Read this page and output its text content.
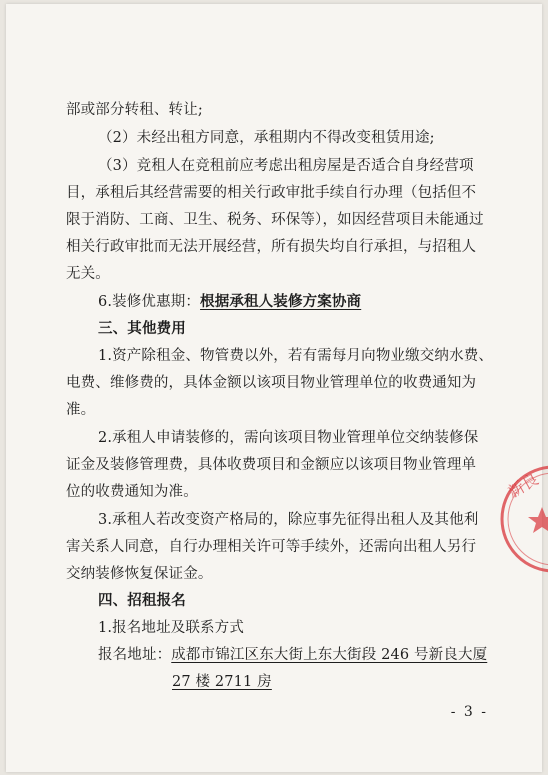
部或部分转租、转让;
（2）未经出租方同意，承租期内不得改变租赁用途;
（3）竞租人在竞租前应考虑出租房屋是否适合自身经营项
目，承租后其经营需要的相关行政审批手续自行办理（包括但不
限于消防、工商、卫生、税务、环保等），如因经营项目未能通过
相关行政审批而无法开展经营，所有损失均自行承担，与招租人
无关。
6.装修优惠期：根据承租人装修方案协商
三、其他费用
1.资产除租金、物管费以外，若有需每月向物业缴交纳水费、
电费、维修费的，具体金额以该项目物业管理单位的收费通知为
准。
2.承租人申请装修的，需向该项目物业管理单位交纳装修保
证金及装修管理费，具体收费项目和金额应以该项目物业管理单
位的收费通知为准。
3.承租人若改变资产格局的，除应事先征得出租人及其他利
害关系人同意，自行办理相关许可等手续外，还需向出租人另行
交纳装修恢复保证金。
四、招租报名
1.报名地址及联系方式
报名地址：成都市锦江区东大街上东大街段 246 号新良大厦
27 楼 2711 房
- 3 -
新良
